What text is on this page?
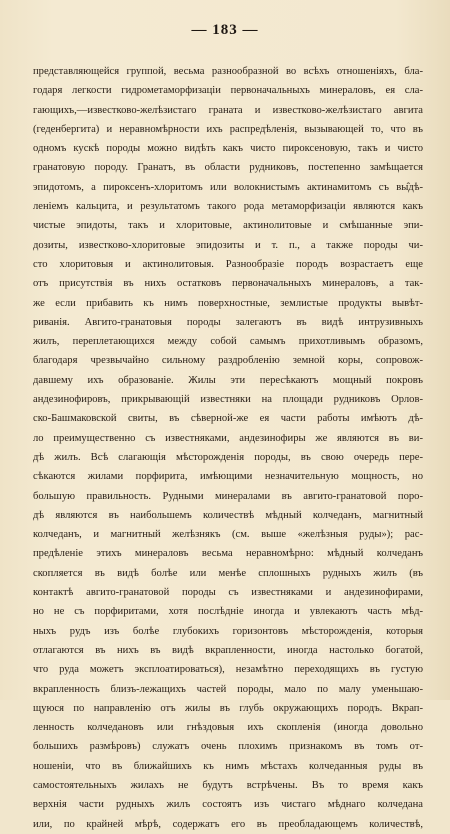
— 183 —
представляющейся группой, весьма разнообразной во всѣхъ отношеніяхъ, бла-
годаря легкости гидрометаморфизаціи первоначальныхъ минераловъ, ея сла-
гающихъ,—известково-желѣзистаго граната и известково-желѣзистаго авгита
(геденбергита) и неравномѣрности ихъ распредѣленія, вызывающей то, что въ
одномъ кускѣ породы можно видѣть какъ чисто пироксеновую, такъ и чисто
гранатовую породу. Гранатъ, въ области рудниковъ, постепенно замѣщается
эпидотомъ, а пироксенъ-хлоритомъ или волокнистымъ актинамитомъ съ вы̂дѣ-
леніемъ кальцита, и результатомъ такого рода метаморфизаціи являются какъ
чистые эпидоты, такъ и хлоритовые, актинолитовые и смѣшанные эпи-
дозиты, известково-хлоритовые эпидозиты и т. п., а также породы чи-
сто хлоритовыя и актинолитовыя. Разнообразіе породъ возрастаетъ еще
отъ присутствія въ нихъ остатковъ первоначальныхъ минераловъ, а так-
же если прибавить къ нимъ поверхностные, землистые продукты вывѣт-
риванія. Авгито-гранатовыя породы залегаютъ въ видѣ интрузивныхъ
жилъ, переплетающихся между собой самымъ прихотливымъ образомъ,
благодаря чрезвычайно сильному раздробленію земной коры, сопровож-
давшему ихъ образованіе. Жилы эти пересѣкаютъ мощный покровъ
андезинофировъ, прикрывающій известняки на площади рудниковъ Орлов-
ско-Башмаковской свиты, въ сѣверной-же ея части работы имѣютъ дѣ-
ло преимущественно съ известняками, андезинофиры же являются въ ви-
дѣ жилъ. Всѣ слагающія мѣсторожденія породы, въ свою очередь пере-
сѣкаются жилами порфирита, имѣющими незначительную мощность, но
большую правильность. Рудными минералами въ авгито-гранатовой поро-
дѣ являются въ наибольшемъ количествѣ мѣдный колчеданъ, магнитный
колчеданъ, и магнитный желѣзнякъ (см. выше «желѣзныя руды»); рас-
предѣленіе этихъ минераловъ весьма неравномѣрно: мѣдный колчеданъ
скопляется въ видѣ болѣе или менѣе сплошныхъ рудныхъ жилъ (въ
контактѣ авгито-гранатовой породы съ известняками и андезинофирами,
но не съ порфиритами, хотя послѣдніе иногда и увлекаютъ часть мѣд-
ныхъ рудъ изъ болѣе глубокихъ горизонтовъ мѣсторожденія, которыя
отлагаются въ нихъ въ видѣ вкрапленности, иногда настолько богатой,
что руда можетъ эксплоатироваться), незамѣтно переходящихъ въ густую
вкрапленность близъ-лежащихъ частей породы, мало по малу уменьшаю-
щуюся по направленію отъ жилы въ глубь окружающихъ породъ. Вкрап-
ленность колчедановъ или гнѣздовыя ихъ скопленія (иногда довольно
большихъ размѣровъ) служатъ очень плохимъ признакомъ въ томъ от-
ношеніи, что въ ближайшихъ къ нимъ мѣстахъ колчеданныя руды въ
самостоятельныхъ жилахъ не будутъ встрѣчены. Въ то время какъ
верхнія части рудныхъ жилъ состоятъ изъ чистаго мѣднаго колчедана
или, по крайней мѣрѣ, содержатъ его въ преобладающемъ количествѣ,
